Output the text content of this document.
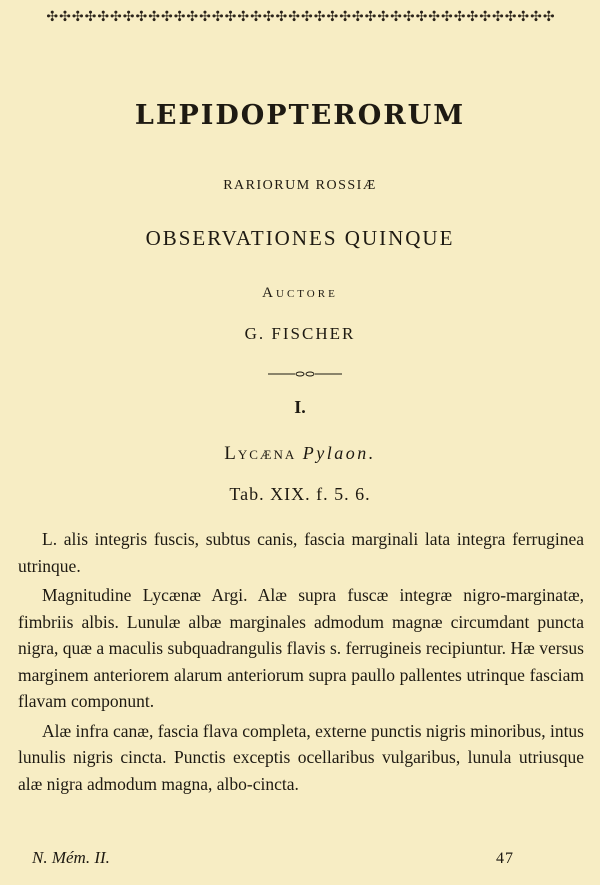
✣✣✣✣✣✣✣✣✣✣✣✣✣✣✣✣✣✣✣✣✣✣✣✣✣✣✣✣✣✣✣✣✣✣✣✣✣✣✣✣
LEPIDOPTERORUM
RARIORUM ROSSIÆ
OBSERVATIONES QUINQUE
Auctore
G. FISCHER
I.
Lycæna Pylaon.
Tab. XIX. f. 5. 6.

L. alis integris fuscis, subtus canis, fascia marginali lata integra ferruginea utrinque.

Magnitudine Lycænæ Argi. Alæ supra fuscæ integræ nigro-marginatæ, fimbriis albis. Lunulæ albæ marginales admodum magnæ circumdant puncta nigra, quæ a maculis subquadrangulis flavis s. ferrugineis recipiuntur. Hæ versus marginem anteriorem alarum anteriorum supra paullo pallentes utrinque fasciam flavam componunt.

Alæ infra canæ, fascia flava completa, externe punctis nigris minoribus, intus lunulis nigris cincta. Punctis exceptis ocellaribus vulgaribus, lunula utriusque alæ nigra admodum magna, albo-cincta.

N. Mém. II.	47
